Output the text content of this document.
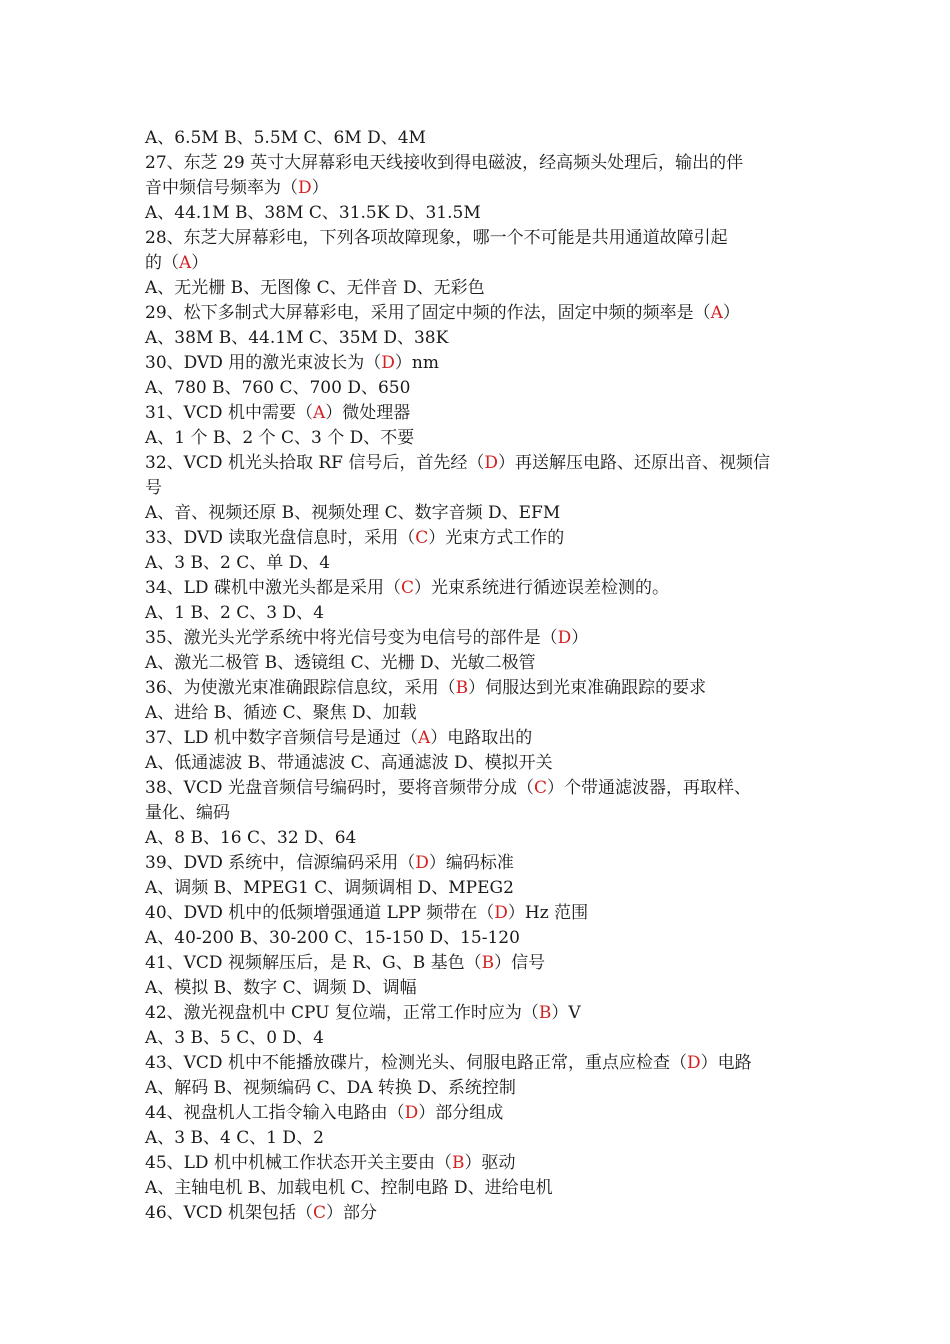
A、6.5M B、5.5M C、6M D、4M
27、东芝 29 英寸大屏幕彩电天线接收到得电磁波，经高频头处理后，输出的伴
音中频信号频率为（D）
A、44.1M B、38M C、31.5K D、31.5M
28、东芝大屏幕彩电，下列各项故障现象，哪一个不可能是共用通道故障引起
的（A）
A、无光栅 B、无图像 C、无伴音 D、无彩色
29、松下多制式大屏幕彩电，采用了固定中频的作法，固定中频的频率是（A）
A、38M B、44.1M C、35M D、38K
30、DVD 用的激光束波长为（D）nm
A、780 B、760 C、700 D、650
31、VCD 机中需要（A）微处理器
A、1 个 B、2 个 C、3 个 D、不要
32、VCD 机光头拾取 RF 信号后，首先经（D）再送解压电路、还原出音、视频信
号
A、音、视频还原 B、视频处理 C、数字音频 D、EFM
33、DVD 读取光盘信息时，采用（C）光束方式工作的
A、3 B、2 C、单 D、4
34、LD 碟机中激光头都是采用（C）光束系统进行循迹误差检测的。
A、1 B、2 C、3 D、4
35、激光头光学系统中将光信号变为电信号的部件是（D）
A、激光二极管 B、透镜组 C、光栅 D、光敏二极管
36、为使激光束准确跟踪信息纹，采用（B）伺服达到光束准确跟踪的要求
A、进给 B、循迹 C、聚焦 D、加载
37、LD 机中数字音频信号是通过（A）电路取出的
A、低通滤波 B、带通滤波 C、高通滤波 D、模拟开关
38、VCD 光盘音频信号编码时，要将音频带分成（C）个带通滤波器，再取样、
量化、编码
A、8 B、16 C、32 D、64
39、DVD 系统中，信源编码采用（D）编码标准
A、调频 B、MPEG1 C、调频调相 D、MPEG2
40、DVD 机中的低频增强通道 LPP 频带在（D）Hz 范围
A、40-200 B、30-200 C、15-150 D、15-120
41、VCD 视频解压后，是 R、G、B 基色（B）信号
A、模拟 B、数字 C、调频 D、调幅
42、激光视盘机中 CPU 复位端，正常工作时应为（B）V
A、3 B、5 C、0 D、4
43、VCD 机中不能播放碟片，检测光头、伺服电路正常，重点应检查（D）电路
A、解码 B、视频编码 C、DA 转换 D、系统控制
44、视盘机人工指令输入电路由（D）部分组成
A、3 B、4 C、1 D、2
45、LD 机中机械工作状态开关主要由（B）驱动
A、主轴电机 B、加载电机 C、控制电路 D、进给电机
46、VCD 机架包括（C）部分
